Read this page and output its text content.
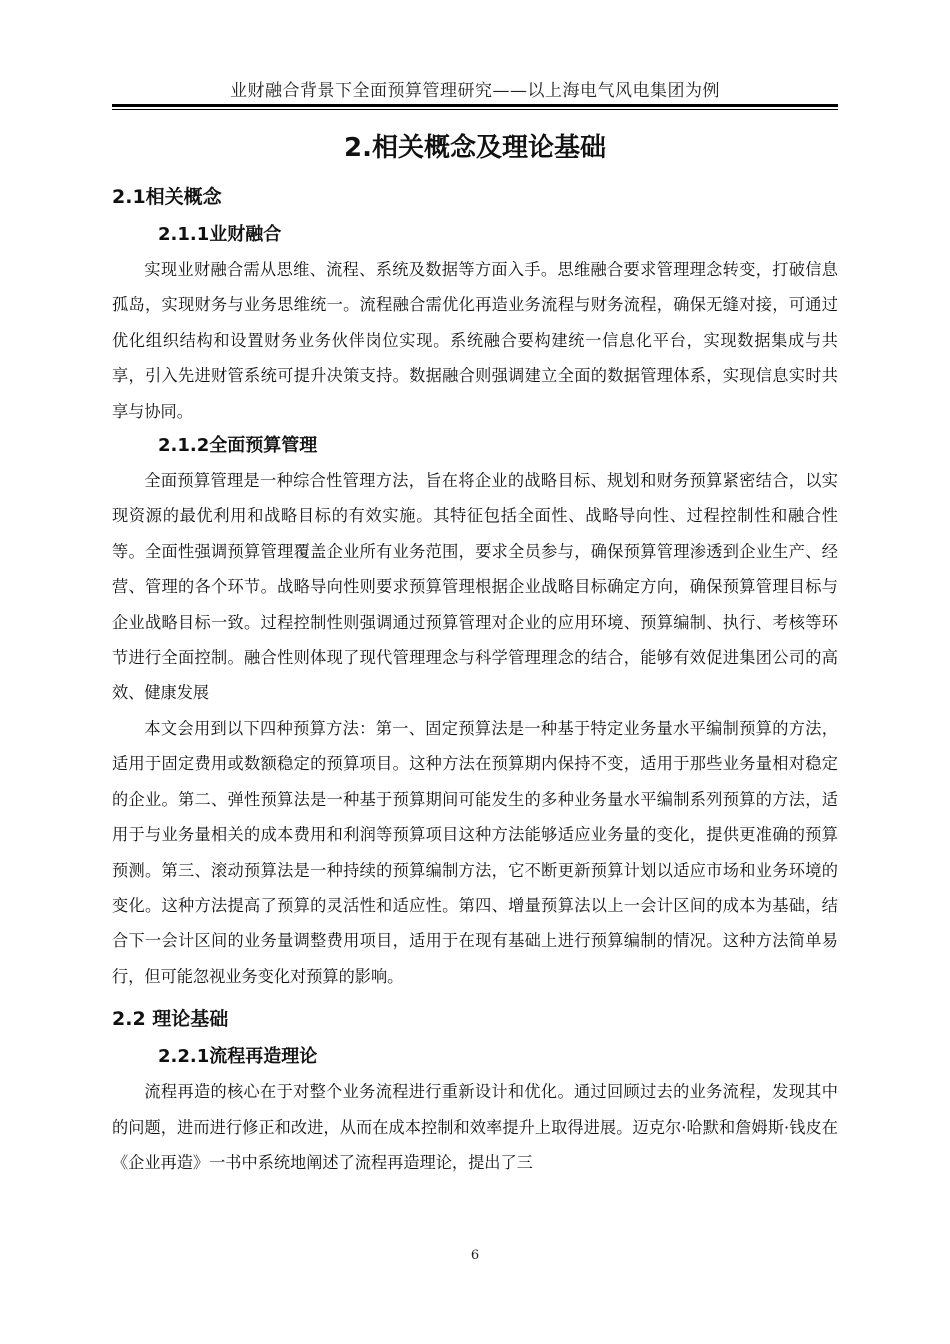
业财融合背景下全面预算管理研究——以上海电气风电集团为例
2.相关概念及理论基础
2.1相关概念
2.1.1业财融合

实现业财融合需从思维、流程、系统及数据等方面入手。思维融合要求管理理念转变，打破信息孤岛，实现财务与业务思维统一。流程融合需优化再造业务流程与财务流程，确保无缝对接，可通过优化组织结构和设置财务业务伙伴岗位实现。系统融合要构建统一信息化平台，实现数据集成与共享，引入先进财管系统可提升决策支持。数据融合则强调建立全面的数据管理体系，实现信息实时共享与协同。

2.1.2全面预算管理

全面预算管理是一种综合性管理方法，旨在将企业的战略目标、规划和财务预算紧密结合，以实现资源的最优利用和战略目标的有效实施。其特征包括全面性、战略导向性、过程控制性和融合性等。全面性强调预算管理覆盖企业所有业务范围，要求全员参与，确保预算管理渗透到企业生产、经营、管理的各个环节。战略导向性则要求预算管理根据企业战略目标确定方向，确保预算管理目标与企业战略目标一致。过程控制性则强调通过预算管理对企业的应用环境、预算编制、执行、考核等环节进行全面控制。融合性则体现了现代管理理念与科学管理理念的结合，能够有效促进集团公司的高效、健康发展

本文会用到以下四种预算方法：第一、固定预算法是一种基于特定业务量水平编制预算的方法，适用于固定费用或数额稳定的预算项目。这种方法在预算期内保持不变，适用于那些业务量相对稳定的企业。第二、弹性预算法是一种基于预算期间可能发生的多种业务量水平编制系列预算的方法，适用于与业务量相关的成本费用和利润等预算项目这种方法能够适应业务量的变化，提供更准确的预算预测。第三、滚动预算法是一种持续的预算编制方法，它不断更新预算计划以适应市场和业务环境的变化。这种方法提高了预算的灵活性和适应性。第四、增量预算法以上一会计区间的成本为基础，结合下一会计区间的业务量调整费用项目，适用于在现有基础上进行预算编制的情况。这种方法简单易行，但可能忽视业务变化对预算的影响。

2.2 理论基础
2.2.1流程再造理论

流程再造的核心在于对整个业务流程进行重新设计和优化。通过回顾过去的业务流程，发现其中的问题，进而进行修正和改进，从而在成本控制和效率提升上取得进展。迈克尔·哈默和詹姆斯·钱皮在《企业再造》一书中系统地阐述了流程再造理论，提出了三

6
